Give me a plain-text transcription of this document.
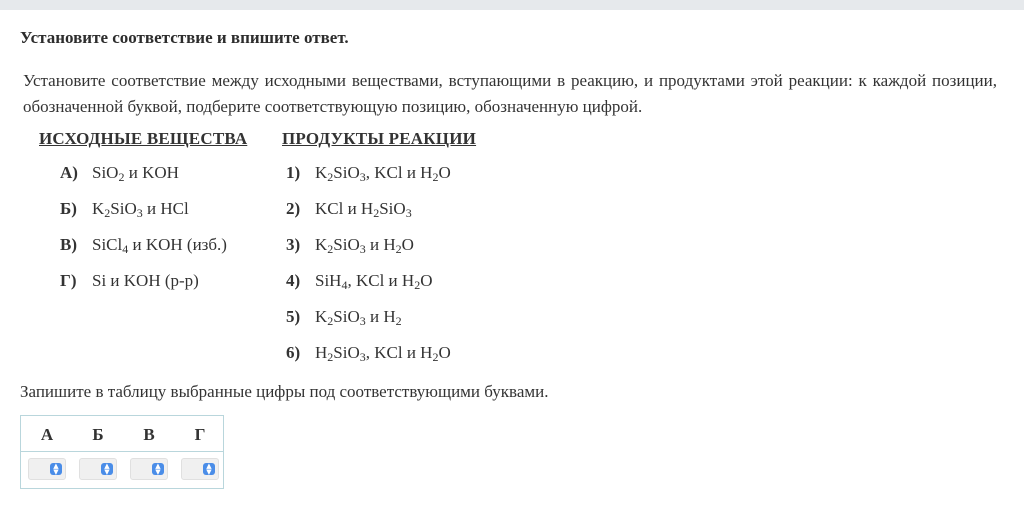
Установите соответствие и впишите ответ.
Установите соответствие между исходными веществами, вступающими в реакцию, и продуктами этой реакции: к каждой позиции, обозначенной буквой, подберите соответствующую позицию, обозначенную цифрой.
ИСХОДНЫЕ ВЕЩЕСТВА ПРОДУКТЫ РЕАКЦИИ
А) SiO$_2$ и KOH
Б) $K_2SiO_3$ и HCl
В) SiCl$_4$ и KOH (изб.)
Г) Si и KOH (р-р)
1) $K_2SiO_3$, KCl и $H_2O$
2) KCl и $H_2SiO_3$
3) $K_2SiO_3$ и $H_2O$
4) SiH$_4$, KCl и $H_2O$
5) $K_2SiO_3$ и $H_2$
6) $H_2SiO_3$, KCl и $H_2O$
Запишите в таблицу выбранные цифры под соответствующими буквами.
А	Б	В	Г
▲
▼
▲
▼
▲
▼
▲
▼
